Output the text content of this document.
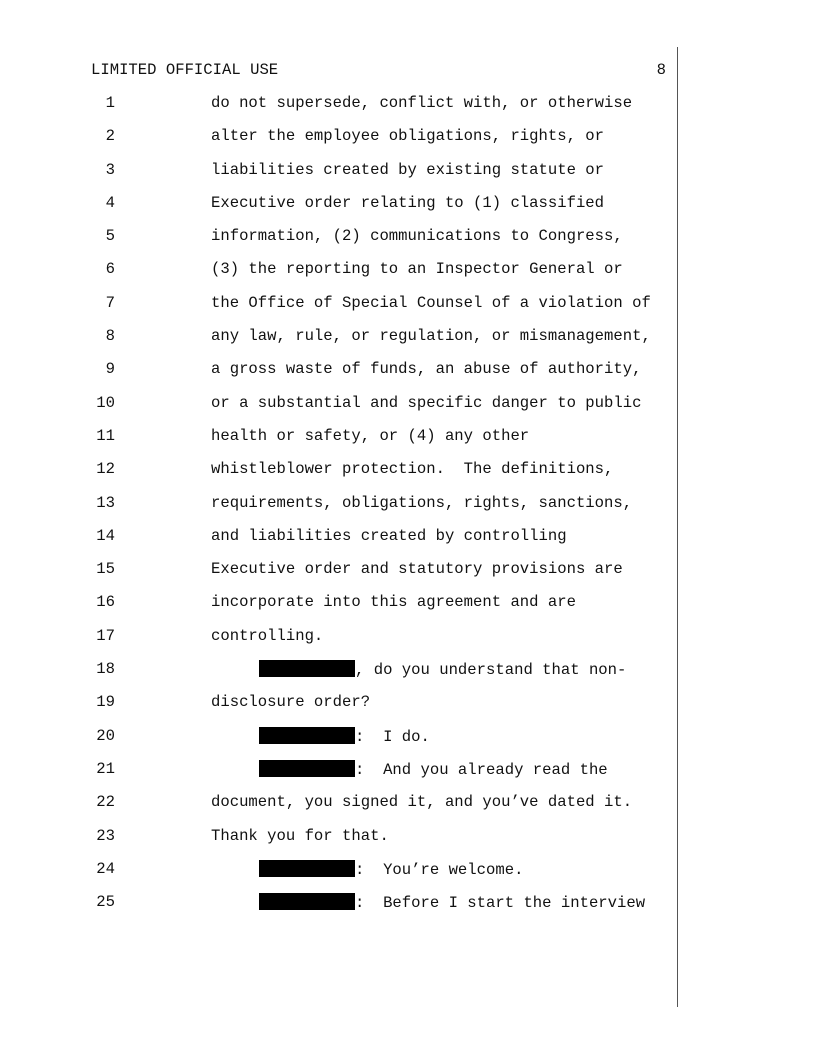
LIMITED OFFICIAL USE	8
1	do not supersede, conflict with, or otherwise
2	alter the employee obligations, rights, or
3	liabilities created by existing statute or
4	Executive order relating to (1) classified
5	information, (2) communications to Congress,
6	(3) the reporting to an Inspector General or
7	the Office of Special Counsel of a violation of
8	any law, rule, or regulation, or mismanagement,
9	a gross waste of funds, an abuse of authority,
10	or a substantial and specific danger to public
11	health or safety, or (4) any other
12	whistleblower protection.  The definitions,
13	requirements, obligations, rights, sanctions,
14	and liabilities created by controlling
15	Executive order and statutory provisions are
16	incorporate into this agreement and are
17	controlling.
18	, do you understand that non-
19	disclosure order?
20	:  I do.
21	:  And you already read the
22	document, you signed it, and you’ve dated it.
23	Thank you for that.
24	:  You’re welcome.
25	:  Before I start the interview
